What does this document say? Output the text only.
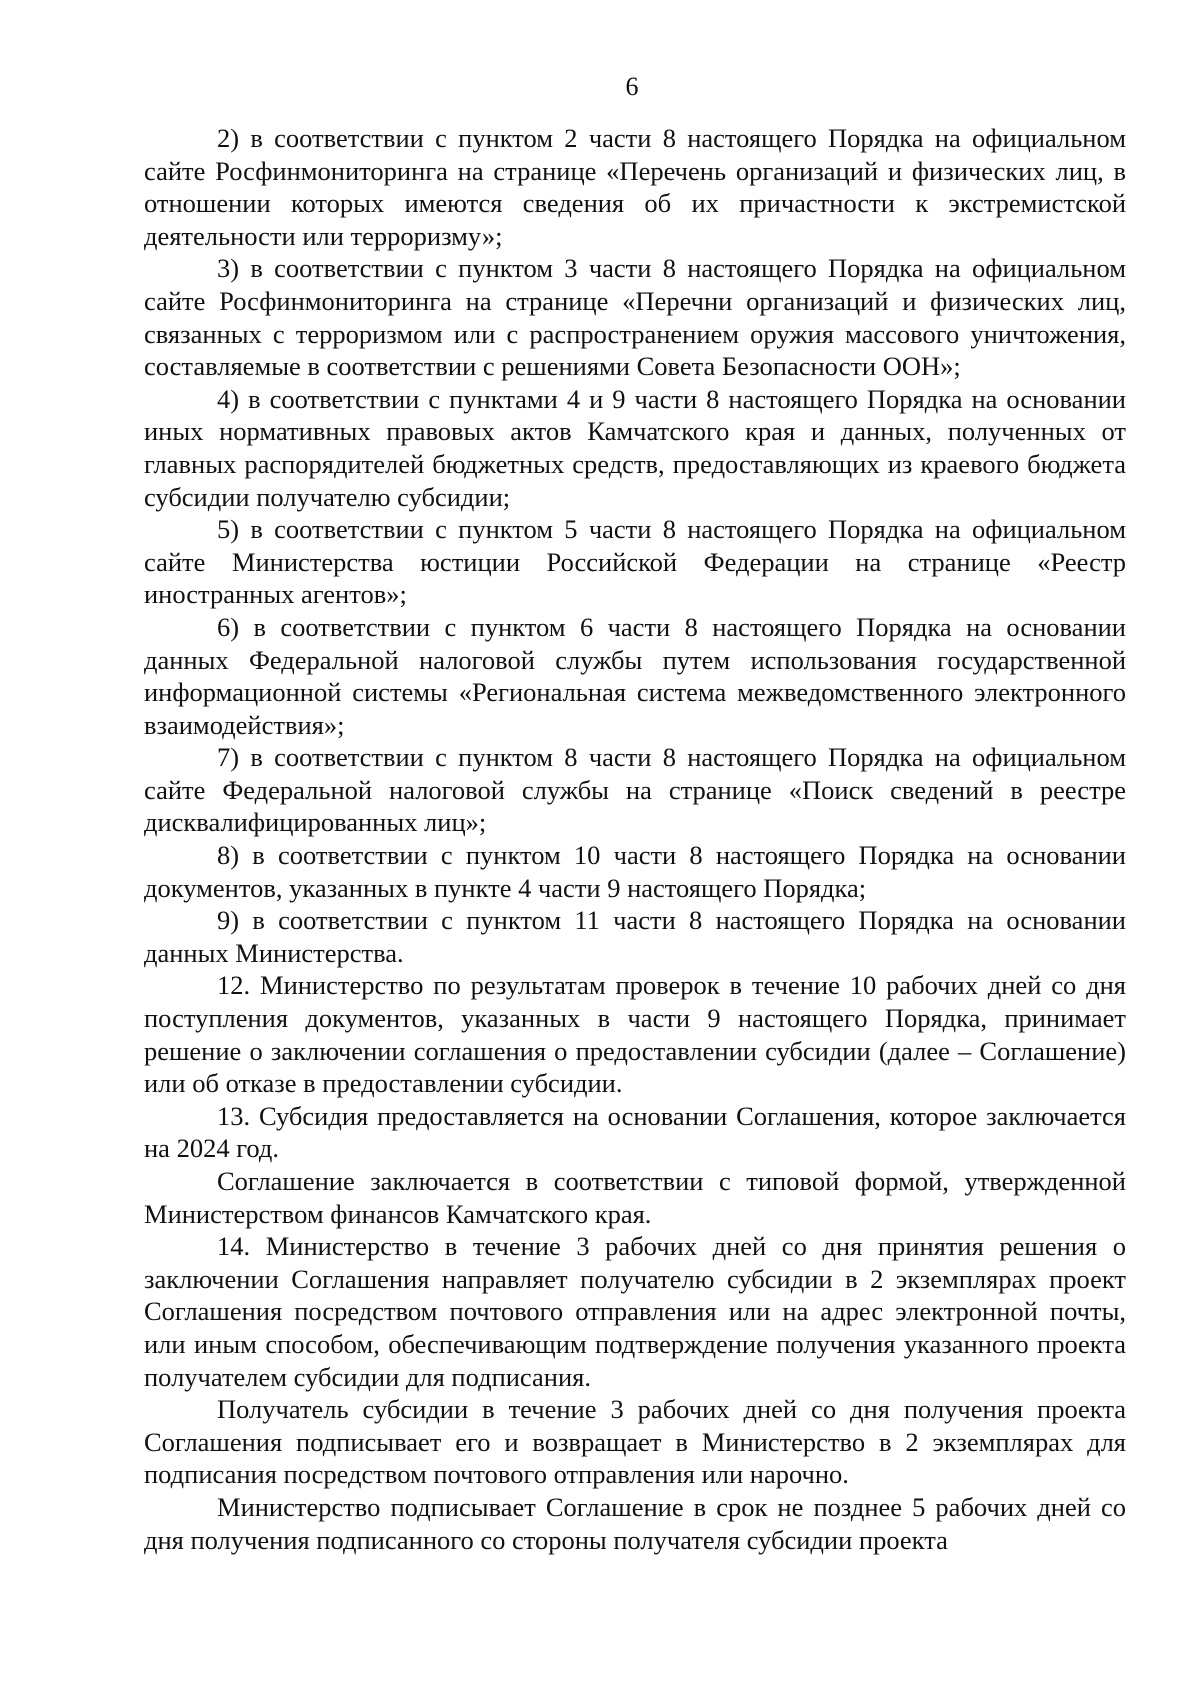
6

2) в соответствии с пунктом 2 части 8 настоящего Порядка на официальном сайте Росфинмониторинга на странице «Перечень организаций и физических лиц, в отношении которых имеются сведения об их причастности к экстремистской деятельности или терроризму»;

3) в соответствии с пунктом 3 части 8 настоящего Порядка на официальном сайте Росфинмониторинга на странице «Перечни организаций и физических лиц, связанных с терроризмом или с распространением оружия массового уничтожения, составляемые в соответствии с решениями Совета Безопасности ООН»;

4) в соответствии с пунктами 4 и 9 части 8 настоящего Порядка на основании иных нормативных правовых актов Камчатского края и данных, полученных от главных распорядителей бюджетных средств, предоставляющих из краевого бюджета субсидии получателю субсидии;

5) в соответствии с пунктом 5 части 8 настоящего Порядка на официальном сайте Министерства юстиции Российской Федерации на странице «Реестр иностранных агентов»;

6) в соответствии с пунктом 6 части 8 настоящего Порядка на основании данных Федеральной налоговой службы путем использования государственной информационной системы «Региональная система межведомственного электронного взаимодействия»;

7) в соответствии с пунктом 8 части 8 настоящего Порядка на официальном сайте Федеральной налоговой службы на странице «Поиск сведений в реестре дисквалифицированных лиц»;

8) в соответствии с пунктом 10 части 8 настоящего Порядка на основании документов, указанных в пункте 4 части 9 настоящего Порядка;

9) в соответствии с пунктом 11 части 8 настоящего Порядка на основании данных Министерства.

12. Министерство по результатам проверок в течение 10 рабочих дней со дня поступления документов, указанных в части 9 настоящего Порядка, принимает решение о заключении соглашения о предоставлении субсидии (далее – Соглашение) или об отказе в предоставлении субсидии.

13. Субсидия предоставляется на основании Соглашения, которое заключается на 2024 год.

Соглашение заключается в соответствии с типовой формой, утвержденной Министерством финансов Камчатского края.

14. Министерство в течение 3 рабочих дней со дня принятия решения о заключении Соглашения направляет получателю субсидии в 2 экземплярах проект Соглашения посредством почтового отправления или на адрес электронной почты, или иным способом, обеспечивающим подтверждение получения указанного проекта получателем субсидии для подписания.

Получатель субсидии в течение 3 рабочих дней со дня получения проекта Соглашения подписывает его и возвращает в Министерство в 2 экземплярах для подписания посредством почтового отправления или нарочно.

Министерство подписывает Соглашение в срок не позднее 5 рабочих дней со дня получения подписанного со стороны получателя субсидии проекта
